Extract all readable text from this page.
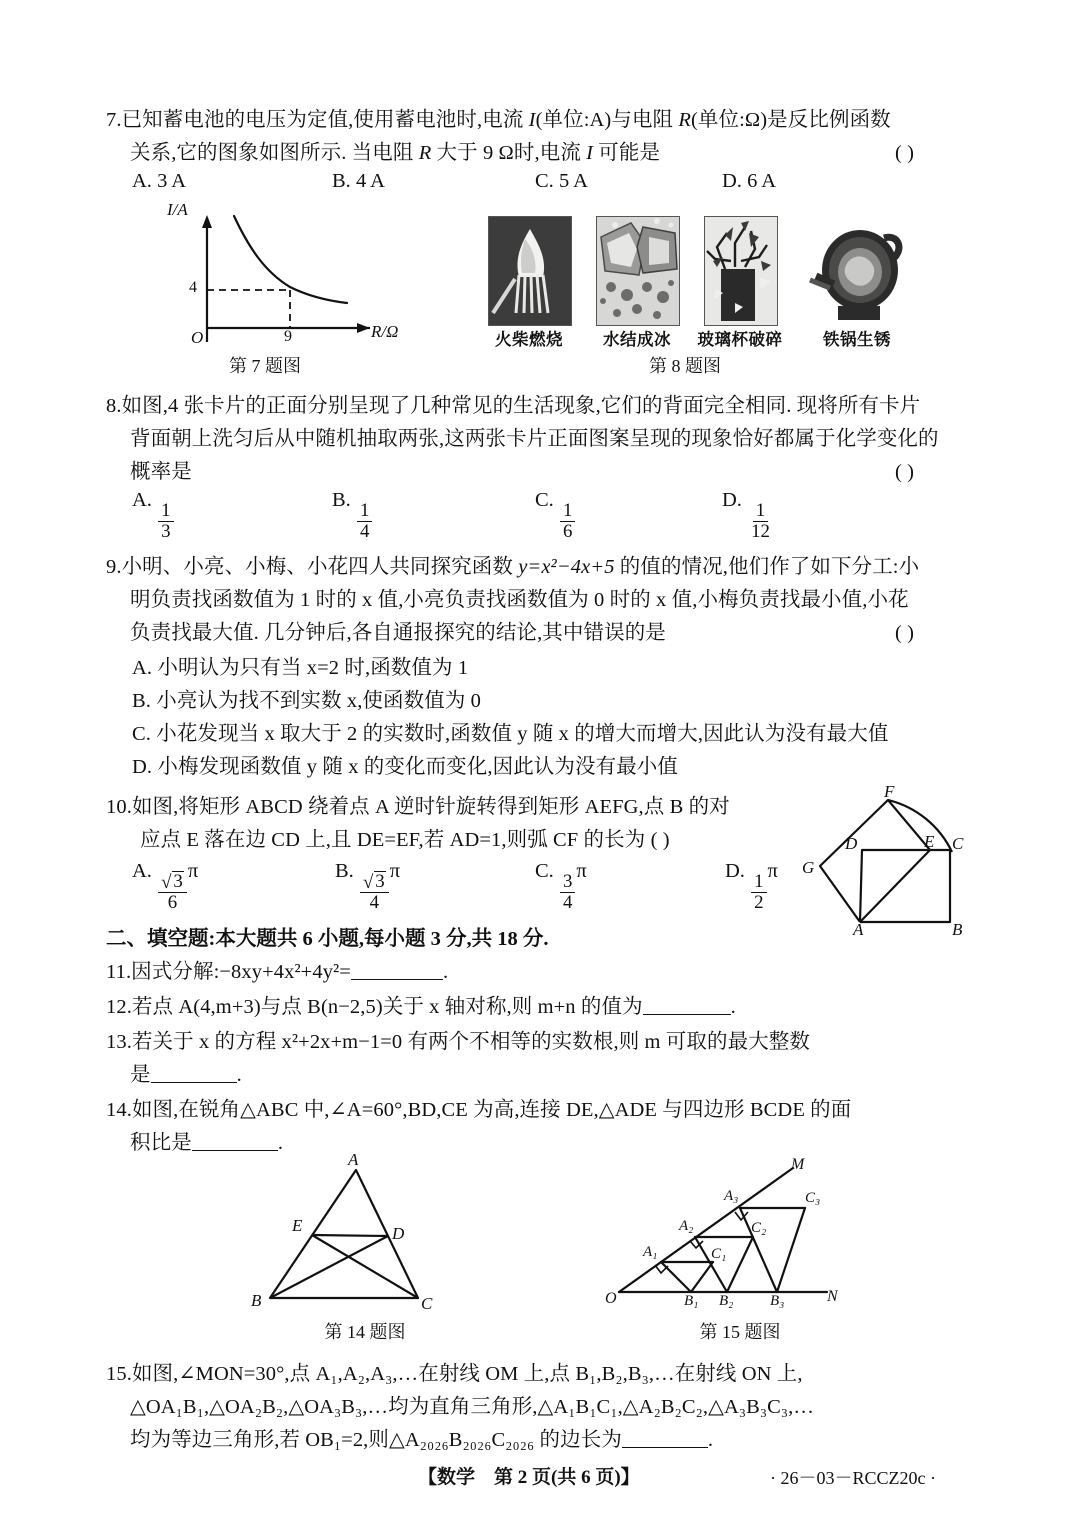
7.已知蓄电池的电压为定值,使用蓄电池时,电流 I(单位:A)与电阻 R(单位:Ω)是反比例函数
关系,它的图象如图所示. 当电阻 R 大于 9 Ω时,电流 I 可能是	( )
A. 3 A	B. 4 A	C. 5 A	D. 6 A
I/A
R/Ω
O
4
9
第 7 题图
火柴燃烧	水结成冰	玻璃杯破碎	铁锅生锈
第 8 题图
8.如图,4 张卡片的正面分别呈现了几种常见的生活现象,它们的背面完全相同. 现将所有卡片
背面朝上洗匀后从中随机抽取两张,这两张卡片正面图案呈现的现象恰好都属于化学变化的
概率是	( )
A.
$\frac{1}{3}$
B.
$\frac{1}{4}$
C.
$\frac{1}{6}$
D.
$\frac{1}{12}$
9.小明、小亮、小梅、小花四人共同探究函数 y=x²−4x+5 的值的情况,他们作了如下分工:小
明负责找函数值为 1 时的 x 值,小亮负责找函数值为 0 时的 x 值,小梅负责找最小值,小花
负责找最大值. 几分钟后,各自通报探究的结论,其中错误的是	( )
A. 小明认为只有当 x=2 时,函数值为 1
B. 小亮认为找不到实数 x,使函数值为 0
C. 小花发现当 x 取大于 2 的实数时,函数值 y 随 x 的增大而增大,因此认为没有最大值
D. 小梅发现函数值 y 随 x 的变化而变化,因此认为没有最小值
10.如图,将矩形 ABCD 绕着点 A 逆时针旋转得到矩形 AEFG,点 B 的对
应点 E 落在边 CD 上,且 DE=EF,若 AD=1,则弧 CF 的长为 ( )
A.
$\frac{√ 3}{6}$
π	B.
$\frac{√ 3}{4}$
π	C.
$\frac{3}{4}$
π	D.
$\frac{1}{2}$
π
F
D	E C
G
A	B
二、填空题:本大题共 6 小题,每小题 3 分,共 18 分.
11.因式分解:−8xy+4x²+4y²=	.
12.若点 A(4,m+3)与点 B(n−2,5)关于 x 轴对称,则 m+n 的值为	.
13.若关于 x 的方程 x²+2x+m−1=0 有两个不相等的实数根,则 m 可取的最大整数
是	.
14.如图,在锐角△ABC 中,∠A=60°,BD,CE 为高,连接 DE,△ADE 与四边形 BCDE 的面
积比是	.
A
E	D
B	C
第 14 题图
M
N
O
A₁
A₂
A₃
B₁ B₂ B₃
C₁
C₂
C₃
第 15 题图
15.如图,∠MON=30°,点 A₁,A₂,A₃,…在射线 OM 上,点 B₁,B₂,B₃,…在射线 ON 上,
△OA₁B₁,△OA₂B₂,△OA₃B₃,…均为直角三角形,△A₁B₁C₁,△A₂B₂C₂,△A₃B₃C₃,…
均为等边三角形,若 OB₁=2,则△A₂₀₂₆B₂₀₂₆C₂₀₂₆ 的边长为	.
【数学　第 2 页(共 6 页)】	· 26－03－RCCZ20c ·
